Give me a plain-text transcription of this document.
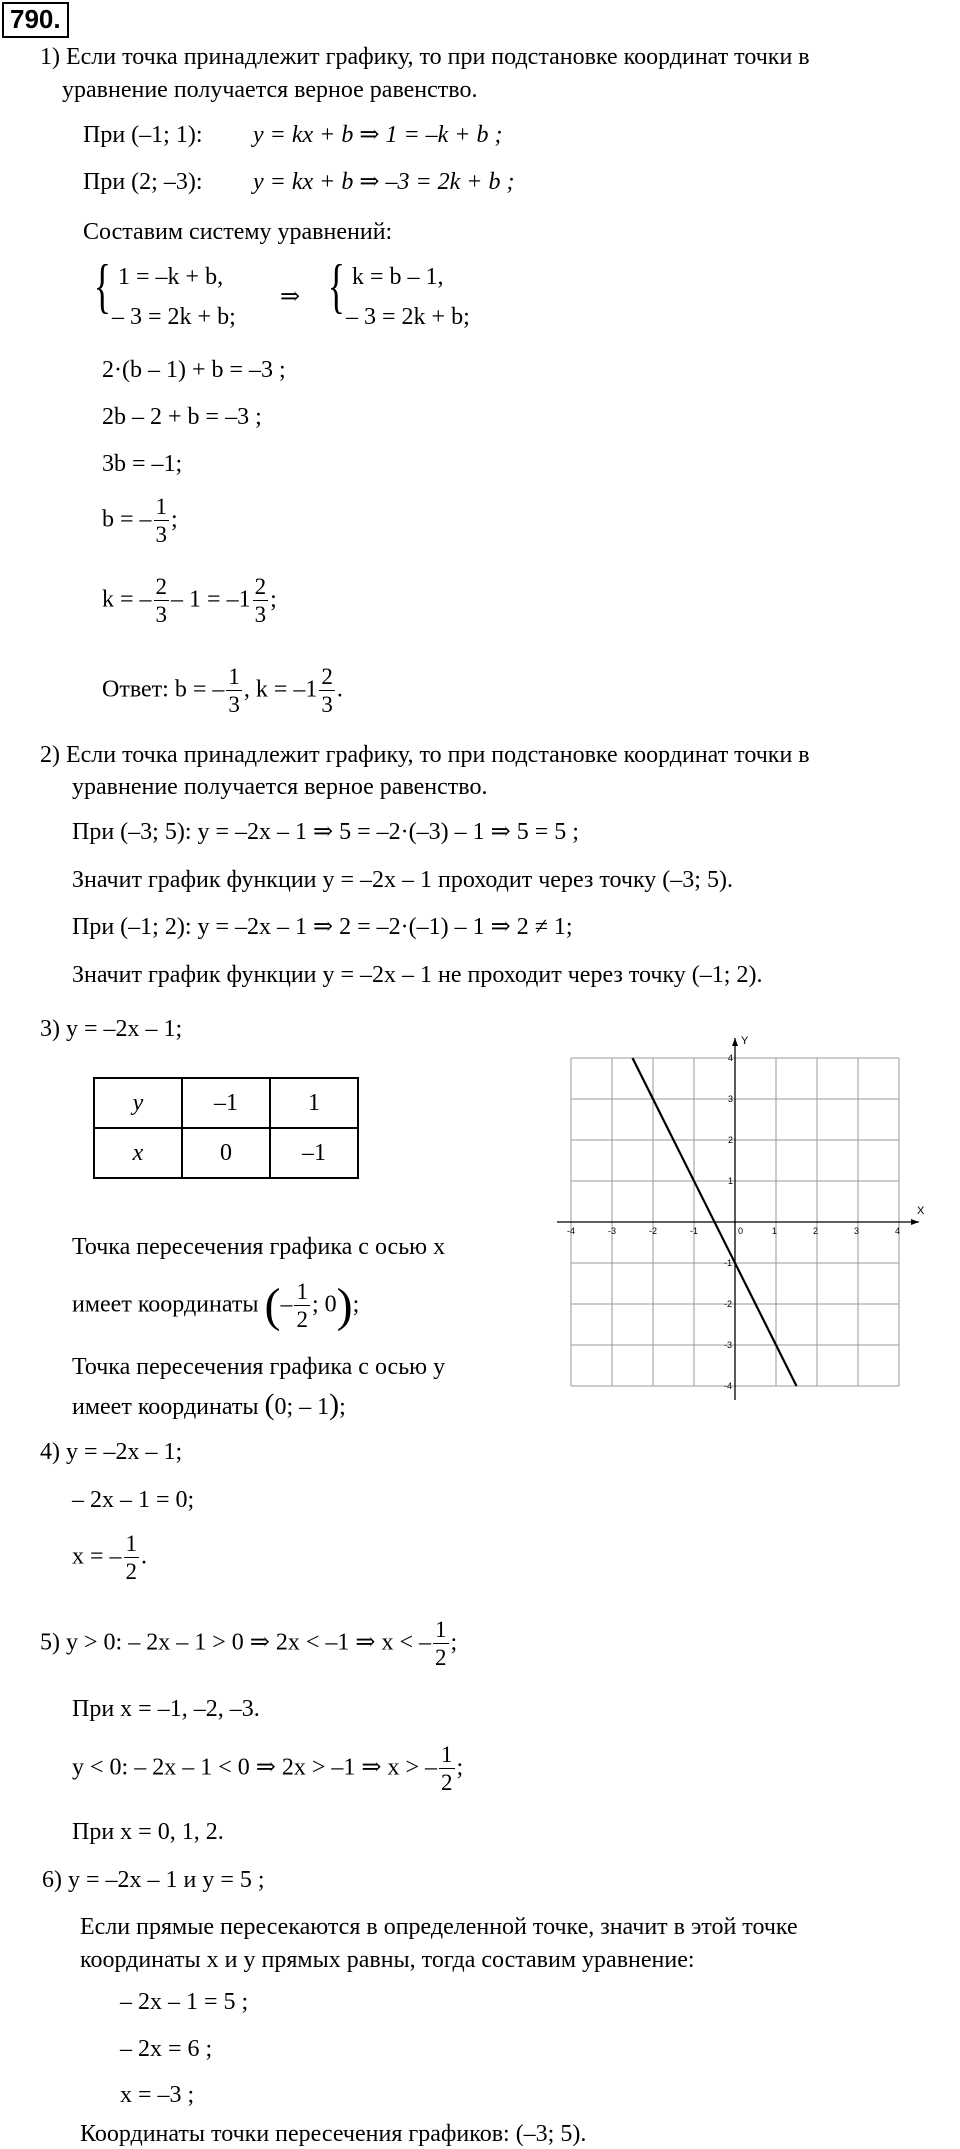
790.
1) Если точка принадлежит графику, то при подстановке координат точки в
уравнение получается верное равенство.
При (–1; 1): y = kx + b ⇒ 1 = –k + b ;
При (2; –3): y = kx + b ⇒ –3 = 2k + b ;
Составим систему уравнений:
{ 1 = –k + b,
– 3 = 2k + b;
⇒ { k = b – 1,
– 3 = 2k + b;
2·(b – 1) + b = –3 ;
2b – 2 + b = –3 ;
3b = –1;
b = – $\frac{1}{3}$ ;
k = – $\frac{2}{3} - 1 = -1 \frac{2}{3}$ ;
Ответ: b = – $\frac{1}{3}$ , $k = -1 \frac{2}{3}$ .
2) Если точка принадлежит графику, то при подстановке координат точки в
уравнение получается верное равенство.
При (–3; 5): y = –2x – 1 ⇒ 5 = –2·(–3) – 1 ⇒ 5 = 5 ;
Значит график функции y = –2x – 1 проходит через точку (–3; 5).
При (–1; 2): y = –2x – 1 ⇒ 2 = –2·(–1) – 1 ⇒ 2 ≠ 1;
Значит график функции y = –2x – 1 не проходит через точку (–1; 2).
3) y = –2x – 1;
y	–1	1
x	0	–1
Точка пересечения графика с осью x
имеет координаты (– $\frac{1}{2}$ ; 0);
Точка пересечения графика с осью y
имеет координаты (0; – 1);
X
Y
-4	-3	-2	-1	0	1	2	3	4
4
3
2
1
-1
-2
-3
-4
4) y = –2x – 1;
– 2x – 1 = 0;
x = – $\frac{1}{2}$ .
5) y > 0: – 2x – 1 > 0 ⇒ 2x < –1 ⇒ x < – $\frac{1}{2}$ ;
При x = –1, –2, –3.
y < 0: – 2x – 1 < 0 ⇒ 2x > –1 ⇒ x > – $\frac{1}{2}$ ;
При x = 0, 1, 2.
6) y = –2x – 1 и y = 5 ;
Если прямые пересекаются в определенной точке, значит в этой точке
координаты x и y прямых равны, тогда составим уравнение:
– 2x – 1 = 5 ;
– 2x = 6 ;
x = –3 ;
Координаты точки пересечения графиков: (–3; 5).
